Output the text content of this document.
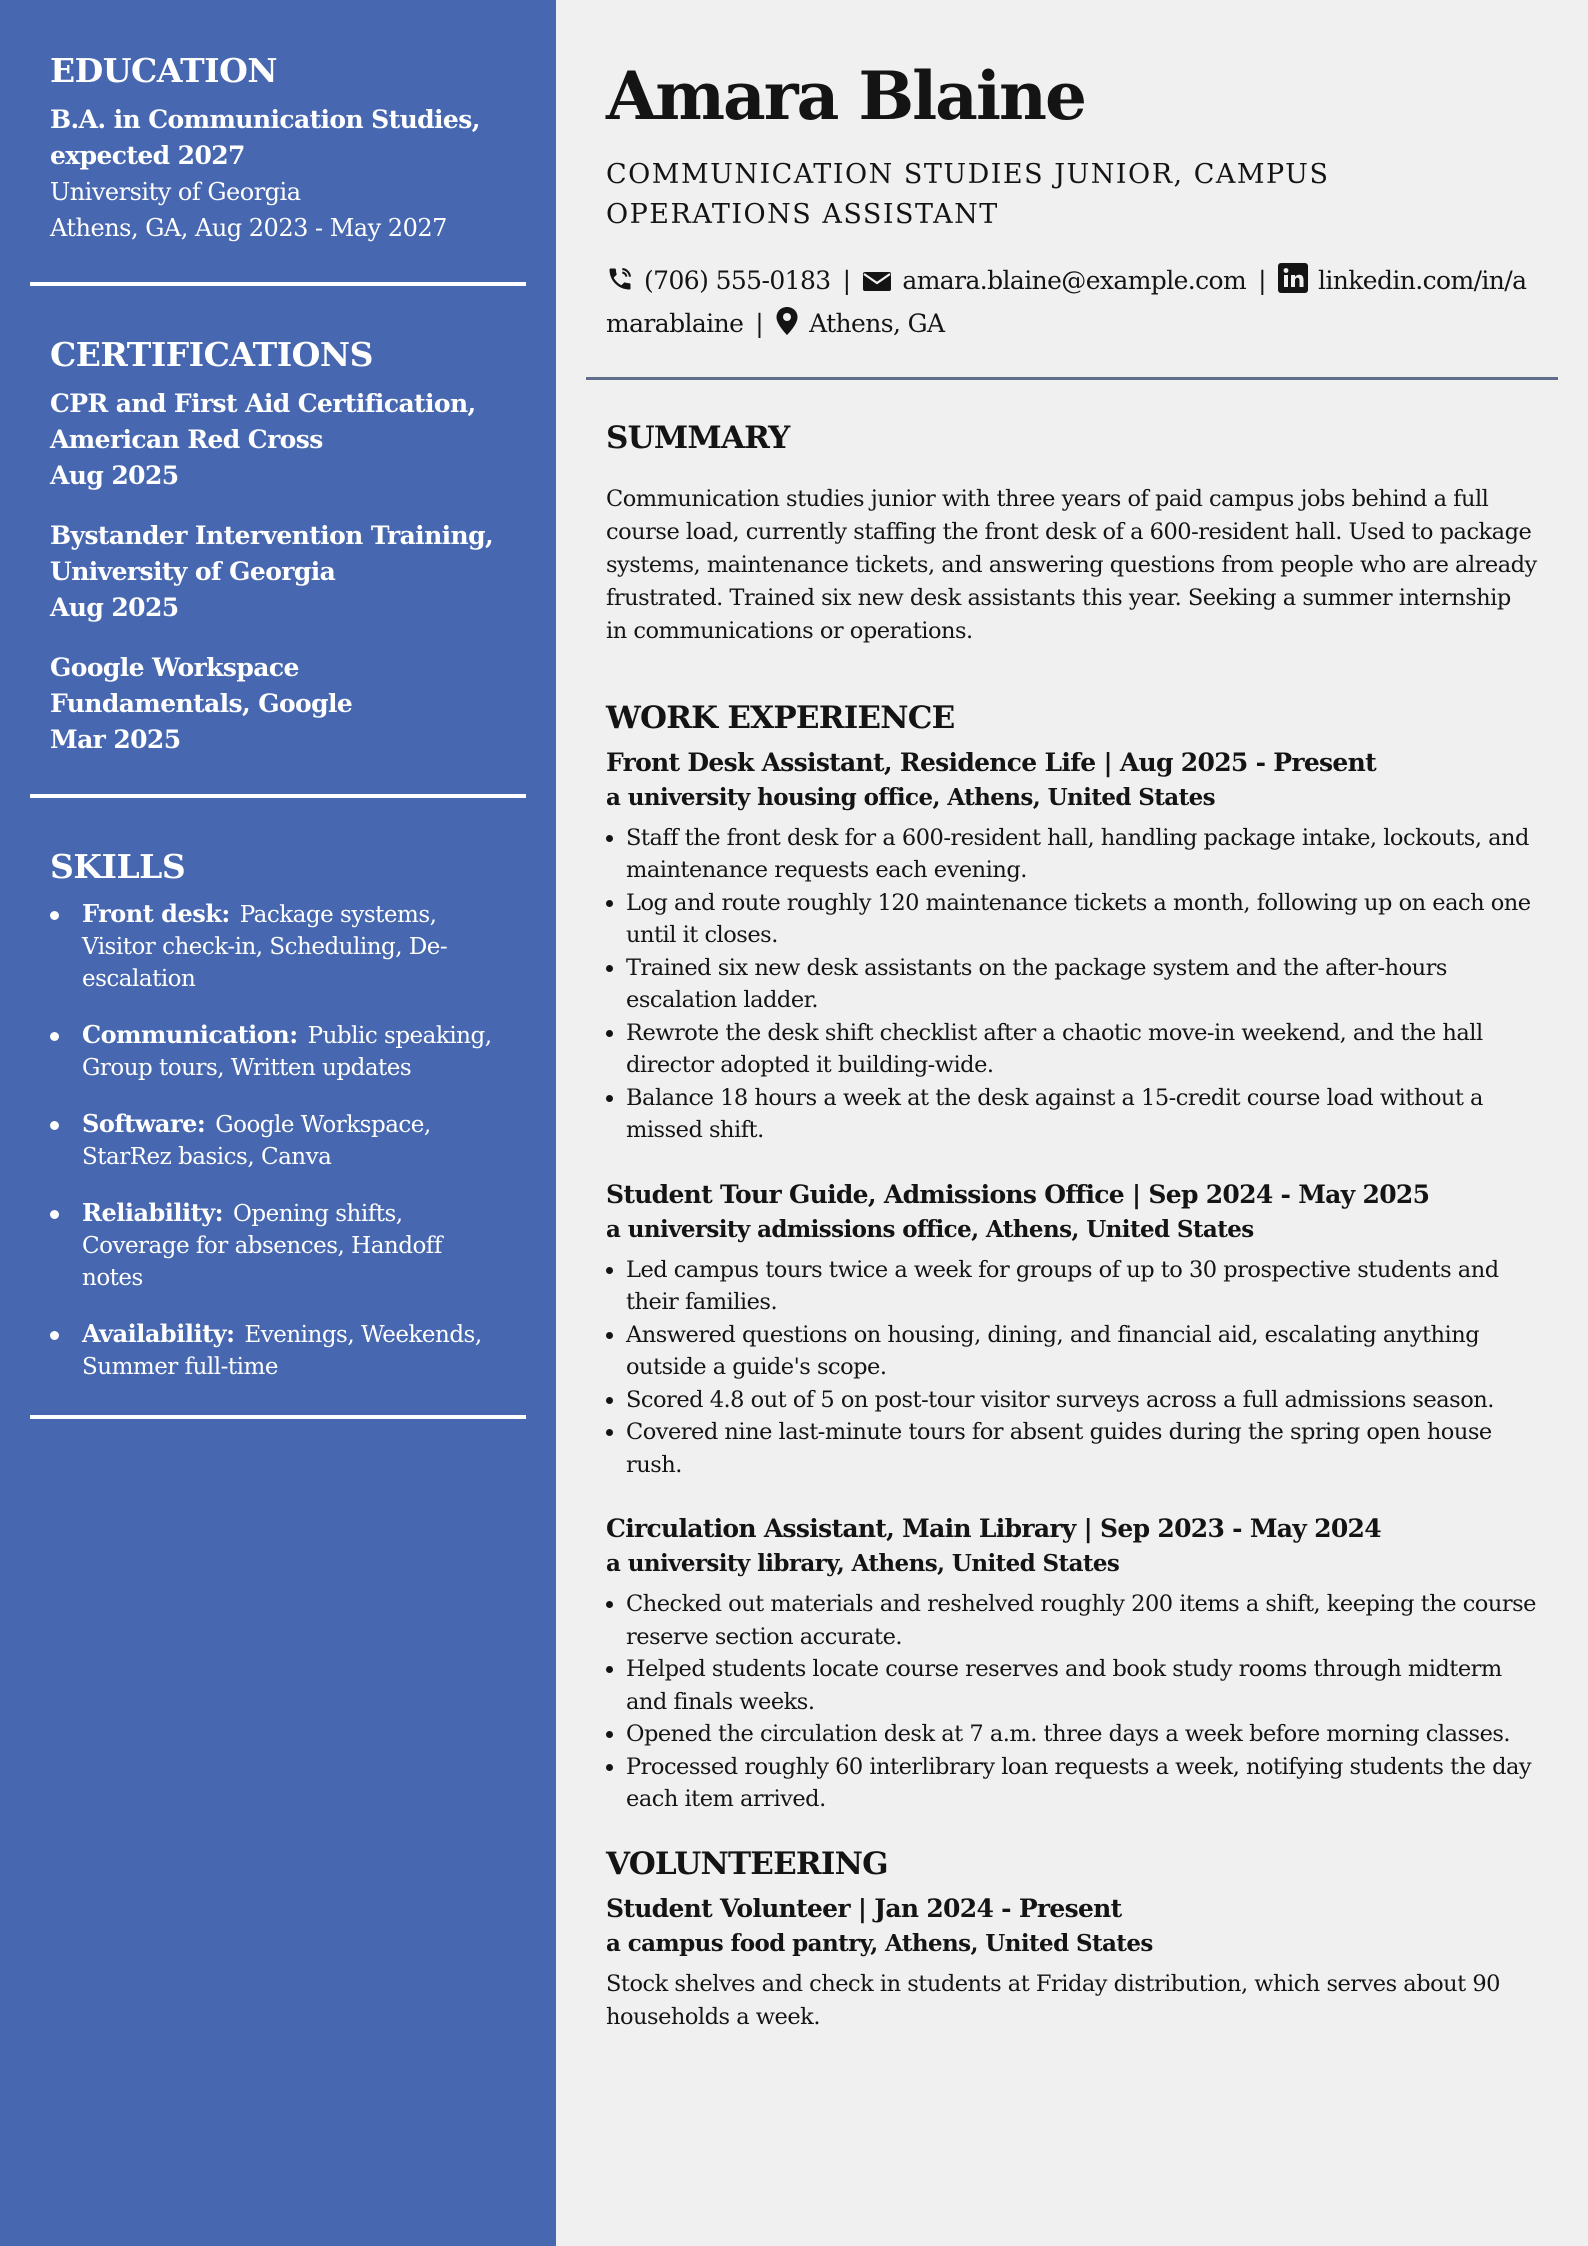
EDUCATION
B.A. in Communication Studies, expected 2027
University of Georgia
Athens, GA, Aug 2023 - May 2027
CERTIFICATIONS
CPR and First Aid Certification, American Red Cross
Aug 2025
Bystander Intervention Training, University of Georgia
Aug 2025
Google Workspace Fundamentals, Google
Mar 2025
SKILLS
Front desk: Package systems, Visitor check-in, Scheduling, De-escalation
Communication: Public speaking, Group tours, Written updates
Software: Google Workspace, StarRez basics, Canva
Reliability: Opening shifts, Coverage for absences, Handoff notes
Availability: Evenings, Weekends, Summer full-time
Amara Blaine
COMMUNICATION STUDIES JUNIOR, CAMPUS OPERATIONS ASSISTANT
(706) 555-0183 | amara.blaine@example.com | linkedin.com/in/amarablaine | Athens, GA
SUMMARY

Communication studies junior with three years of paid campus jobs behind a full course load, currently staffing the front desk of a 600-resident hall. Used to package systems, maintenance tickets, and answering questions from people who are already frustrated. Trained six new desk assistants this year. Seeking a summer internship in communications or operations.

WORK EXPERIENCE
Front Desk Assistant, Residence Life | Aug 2025 - Present
a university housing office, Athens, United States
Staff the front desk for a 600-resident hall, handling package intake, lockouts, and maintenance requests each evening.
Log and route roughly 120 maintenance tickets a month, following up on each one until it closes.
Trained six new desk assistants on the package system and the after-hours escalation ladder.
Rewrote the desk shift checklist after a chaotic move-in weekend, and the hall director adopted it building-wide.
Balance 18 hours a week at the desk against a 15-credit course load without a missed shift.
Student Tour Guide, Admissions Office | Sep 2024 - May 2025
a university admissions office, Athens, United States
Led campus tours twice a week for groups of up to 30 prospective students and their families.
Answered questions on housing, dining, and financial aid, escalating anything outside a guide's scope.
Scored 4.8 out of 5 on post-tour visitor surveys across a full admissions season.
Covered nine last-minute tours for absent guides during the spring open house rush.
Circulation Assistant, Main Library | Sep 2023 - May 2024
a university library, Athens, United States
Checked out materials and reshelved roughly 200 items a shift, keeping the course reserve section accurate.
Helped students locate course reserves and book study rooms through midterm and finals weeks.
Opened the circulation desk at 7 a.m. three days a week before morning classes.
Processed roughly 60 interlibrary loan requests a week, notifying students the day each item arrived.
VOLUNTEERING
Student Volunteer | Jan 2024 - Present
a campus food pantry, Athens, United States

Stock shelves and check in students at Friday distribution, which serves about 90 households a week.
